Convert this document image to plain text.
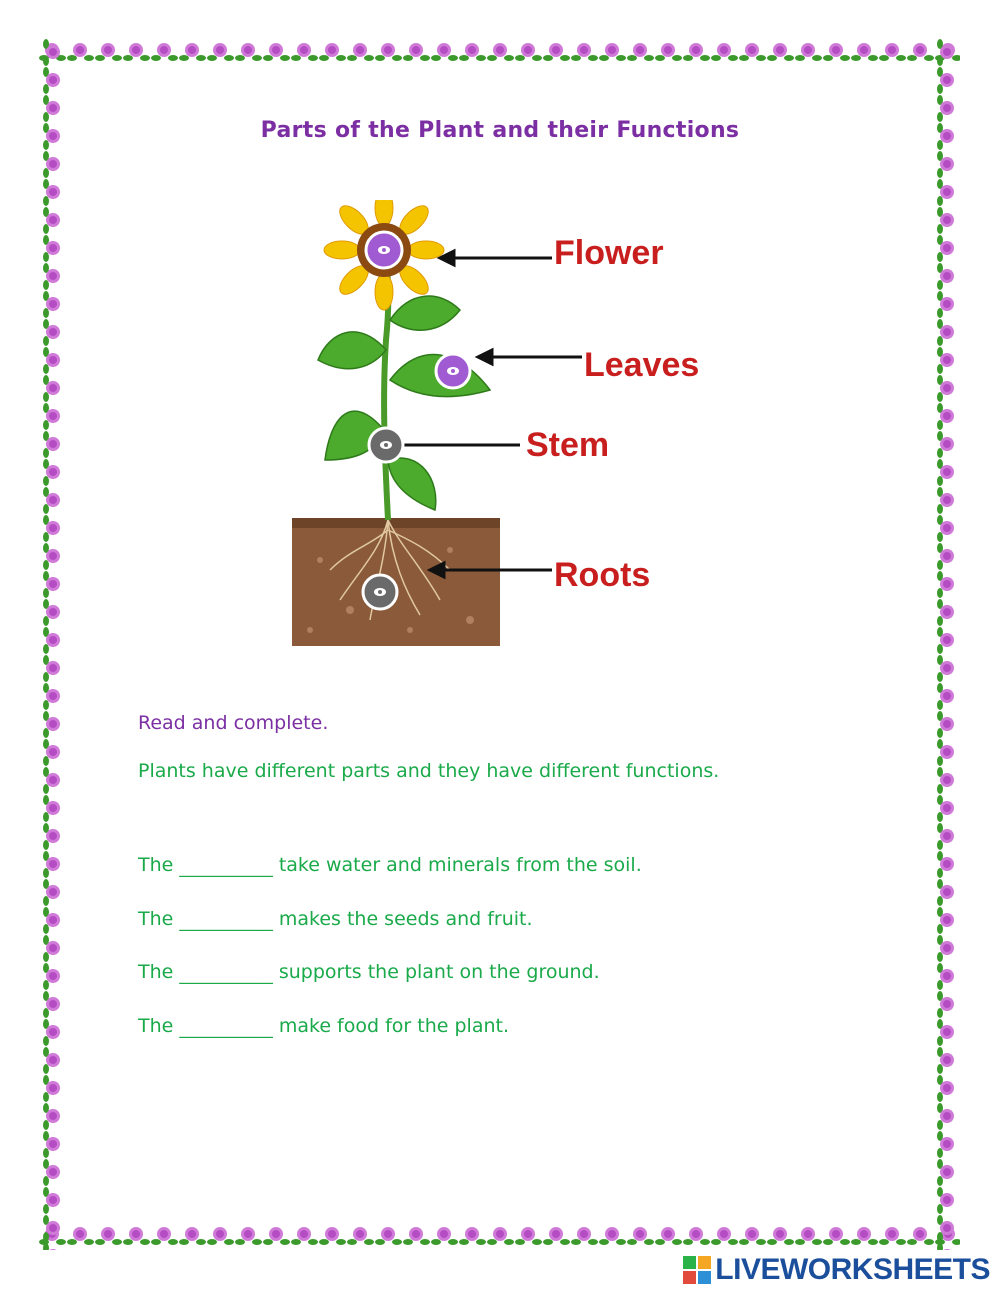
Parts of the Plant and their Functions
Flower
Leaves
Stem
Roots
Read and complete.
Plants have different parts and they have different functions.
The ___________ take water and minerals from the soil.
The ___________ makes the seeds and fruit.
The ___________ supports the plant on the ground.
The ___________ make food for the plant.
LIVEWORKSHEETS
